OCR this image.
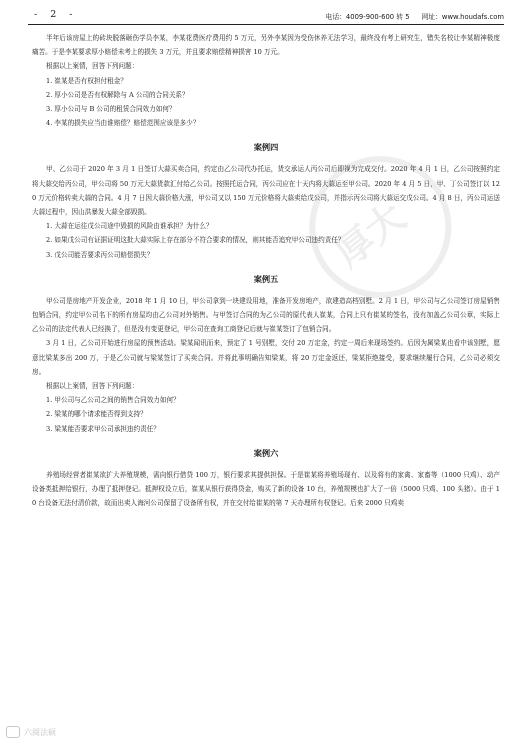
- 2 -	电话：4009-900-600 转 5 网址：www.houdafs.com
厚大

半年后该房屋上的砖块脱落砸伤学员李某，李某花费医疗费用约 5 万元，另外李某因为受伤休养无法学习，最终没有考上研究生，错失名校让李某精神极度痛苦。于是李某要求厚小赔偿未考上的损失 3 万元，并且要求赔偿精神损害 10 万元。

根据以上案情，回答下列问题：

1. 崔某是否有权担付租金？

2. 厚小公司是否有权解除与 A 公司的合同关系？

3. 厚小公司与 B 公司的租赁合同效力如何？

4. 李某的损失应当由谁赔偿？赔偿范围应该是多少？

案例四

甲、乙公司于 2020 年 3 月 1 日签订大蒜买卖合同，约定由乙公司代办托运，货交承运人丙公司后即视为完成交付。2020 年 4 月 1 日，乙公司按照约定将大蒜交给丙公司，甲公司将 50 万元大蒜货款汇付给乙公司。按照托运合同，丙公司应在十天内将大蒜运至甲公司。2020 年 4 月 5 日，甲、丁公司签订以 120 万元价格转卖大蒜的合同。4 月 7 日因大蒜价格大涨，甲公司又以 150 万元价格将大蒜卖给戊公司，并指示丙公司将大蒜运交戊公司。4 月 8 日，丙公司运送大蒜过程中，因山洪暴发大蒜全部毁损。

1. 大蒜在运往戊公司途中毁损的风险由谁承担？为什么？

2. 如果戊公司有证据证明这批大蒜实际上存在部分不符合要求的情况，则其能否追究甲公司违约责任？

3. 戊公司能否要求丙公司赔偿损失？

案例五

甲公司是房地产开发企业，2018 年 1 月 10 日，甲公司拿到一块建设用地，准备开发房地产，欲建造高档别墅。2 月 1 日，甲公司与乙公司签订房屋销售包销合同，约定甲公司名下的所有房屋均由乙公司对外销售。与甲签订合同的为乙公司的原代表人崔某，合同上只有崔某的签名，没有加盖乙公司公章，实际上乙公司的法定代表人已经换了，但是没有变更登记，甲公司在查询工商登记后就与崔某签订了包销合同。

3 月 1 日，乙公司开始进行房屋的预售活动。梁某闻讯而来，预定了 1 号别墅，交付 20 万定金，约定一周后来现场签约。后因为属梁某也看中该别墅，愿意比梁某多出 200 万，于是乙公司就与梁某签订了买卖合同。并将此事明确告知梁某，将 20 万定金返还，梁某拒绝接受，要求继续履行合同，乙公司必须交房。

根据以上案情，回答下列问题：

1. 甲公司与乙公司之间的销售合同效力如何？

2. 梁某的哪个请求能否得到支持？

3. 梁某能否要求甲公司承担违约责任？

案例六

养殖场经营者崔某欲扩大养殖规模，需向银行借贷 100 万，银行要求其提供担保。于是崔某将养殖场现有、以及将有的家禽、家畜等（1000 只鸡）、动产设备类抵押给银行，办理了抵押登记。抵押权设立后，崔某从银行获得贷金，购买了新的设备 10 台，养殖规模也扩大了一倍（5000 只鸡、100 头猪）。由于 10 台设备无法付清价款，故而出卖人海河公司保留了设备所有权，并在交付给崔某的第 7 天办理所有权登记。后来 2000 只鸡卖

六阅法硕
